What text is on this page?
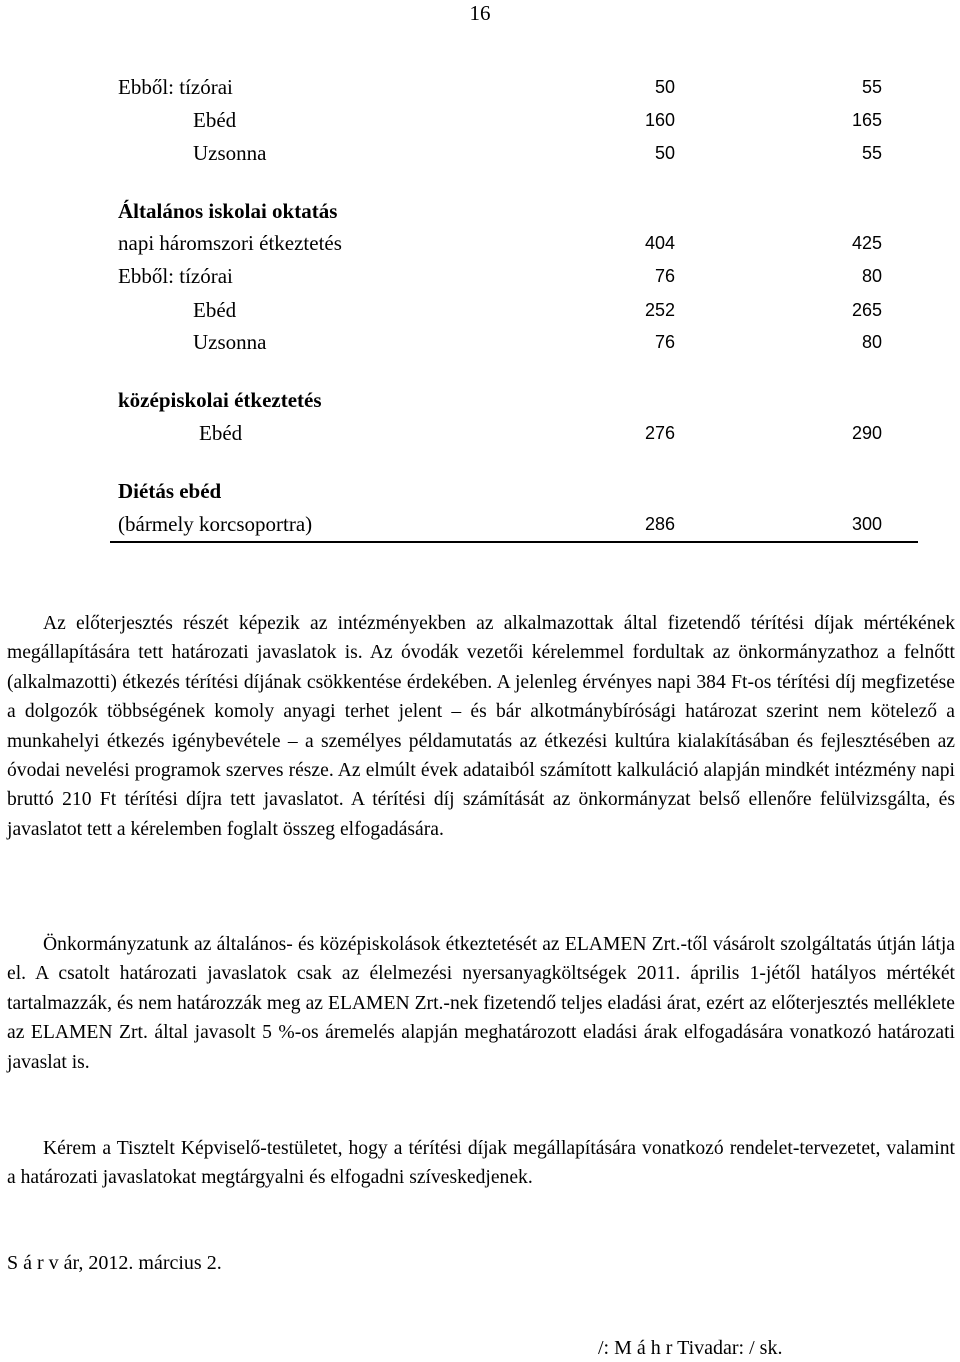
16
Ebből: tízórai	50	55
Ebéd	160	165
Uzsonna	50	55
Általános iskolai oktatás
napi háromszori étkeztetés	404	425
Ebből: tízórai	76	80
Ebéd	252	265
Uzsonna	76	80
középiskolai étkeztetés
Ebéd	276	290
Diétás ebéd
(bármely korcsoportra)	286	300

Az előterjesztés részét képezik az intézményekben az alkalmazottak által fizetendő térítési díjak mértékének megállapítására tett határozati javaslatok is. Az óvodák vezetői kérelemmel fordultak az önkormányzathoz a felnőtt (alkalmazotti) étkezés térítési díjának csökkentése érdekében. A jelenleg érvényes napi 384 Ft-os térítési díj megfizetése a dolgozók többségének komoly anyagi terhet jelent – és bár alkotmánybírósági határozat szerint nem kötelező a munkahelyi étkezés igénybevétele – a személyes példamutatás az étkezési kultúra kialakításában és fejlesztésében az óvodai nevelési programok szerves része. Az elmúlt évek adataiból számított kalkuláció alapján mindkét intézmény napi bruttó 210 Ft térítési díjra tett javaslatot. A térítési díj számítását az önkormányzat belső ellenőre felülvizsgálta, és javaslatot tett a kérelemben foglalt összeg elfogadására.

Önkormányzatunk az általános- és középiskolások étkeztetését az ELAMEN Zrt.-től vásárolt szolgáltatás útján látja el. A csatolt határozati javaslatok csak az élelmezési nyersanyagköltségek 2011. április 1-jétől hatályos mértékét tartalmazzák, és nem határozzák meg az ELAMEN Zrt.-nek fizetendő teljes eladási árat, ezért az előterjesztés melléklete az ELAMEN Zrt. által javasolt 5 %-os áremelés alapján meghatározott eladási árak elfogadására vonatkozó határozati javaslat is.

Kérem a Tisztelt Képviselő-testületet, hogy a térítési díjak megállapítására vonatkozó rendelet-tervezetet, valamint a határozati javaslatokat megtárgyalni és elfogadni szíveskedjenek.

S á r v ár, 2012. március 2.
/: M á h r Tivadar: / sk.
